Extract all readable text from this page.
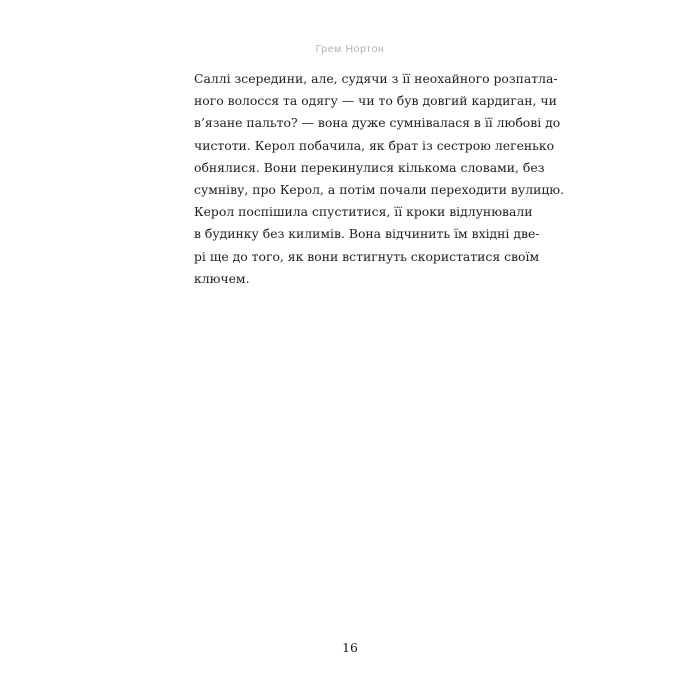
Грем Нортон
Саллі зсередини, але, судячи з її неохайного розпатла-
ного волосся та одягу — чи то був довгий кардиган, чи
в’язане пальто? — вона дуже сумнівалася в її любові до
чистоти. Керол побачила, як брат із сестрою легенько
обнялися. Вони перекинулися кількома словами, без
сумніву, про Керол, а потім почали переходити вулицю.
Керол поспішила спуститися, її кроки відлунювали
в будинку без килимів. Вона відчинить їм вхідні две-
рі ще до того, як вони встигнуть скористатися своїм
ключем.
16
